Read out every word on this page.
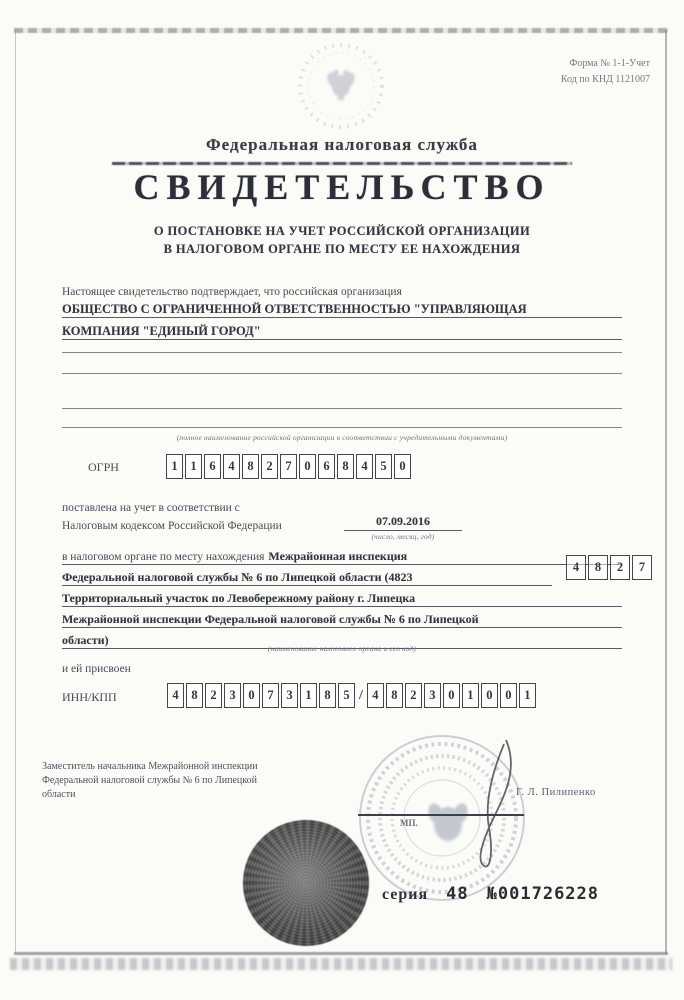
Форма № 1-1-Учет
Код по КНД 1121007
Федеральная налоговая служба
СВИДЕТЕЛЬСТВО
О ПОСТАНОВКЕ НА УЧЕТ РОССИЙСКОЙ ОРГАНИЗАЦИИ
В НАЛОГОВОМ ОРГАНЕ ПО МЕСТУ ЕЕ НАХОЖДЕНИЯ
Настоящее свидетельство подтверждает, что российская организация
ОБЩЕСТВО С ОГРАНИЧЕННОЙ ОТВЕТСТВЕННОСТЬЮ "УПРАВЛЯЮЩАЯ
КОМПАНИЯ "ЕДИНЫЙ ГОРОД"
(полное наименование российской организации в соответствии с учредительными документами)
ОГРН	1	1	6	4	8	2	7	0	6	8	4	5	0
поставлена на учет в соответствии с
Налоговым кодексом Российской Федерации	07.09.2016
(число, месяц, год)
в налоговом органе по месту нахождения Межрайонная инспекция
Федеральной налоговой службы № 6 по Липецкой области (4823
4	8	2	7
Территориальный участок по Левобережному району г. Липецка
Межрайонной инспекции Федеральной налоговой службы № 6 по Липецкой
области)
(наименование налогового органа и его код)
и ей присвоен
ИНН/КПП	4	8	2	3	0	7	3	1	8	5 / 4	8	2	3	0	1	0	0	1
Заместитель начальника Межрайонной инспекции
Федеральной налоговой службы № 6 по Липецкой
области
МП.
Г. Л. Пилипенко
серия 48 №001726228
